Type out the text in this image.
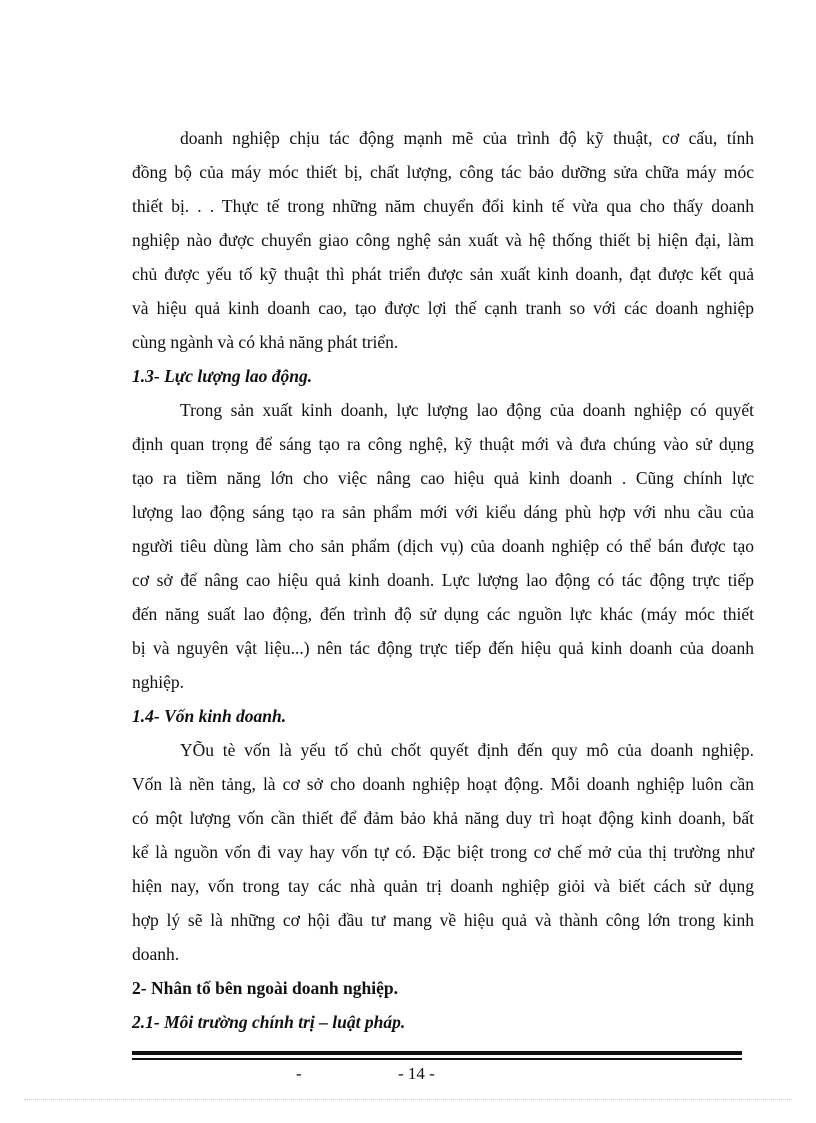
doanh nghiệp chịu tác động mạnh mẽ của trình độ kỹ thuật, cơ cấu, tính
đồng bộ của máy móc thiết bị, chất lượng, công tác bảo dưỡng sửa chữa máy móc
thiết bị. . . Thực tế trong những năm chuyển đổi kinh tế vừa qua cho thấy doanh
nghiệp nào được chuyển giao công nghệ sản xuất và hệ thống thiết bị hiện đại, làm
chủ được yếu tố kỹ thuật thì phát triển được sản xuất kinh doanh, đạt được kết quả
và hiệu quả kinh doanh cao, tạo được lợi thế cạnh tranh so với các doanh nghiệp
cùng ngành và có khả năng phát triển.
1.3- Lực lượng lao động.
Trong sản xuất kinh doanh, lực lượng lao động của doanh nghiệp có quyết
định quan trọng để sáng tạo ra công nghệ, kỹ thuật mới và đưa chúng vào sử dụng
tạo ra tiềm năng lớn cho việc nâng cao hiệu quả kinh doanh . Cũng chính lực
lượng lao động sáng tạo ra sản phẩm mới với kiểu dáng phù hợp với nhu cầu của
người tiêu dùng làm cho sản phẩm (dịch vụ) của doanh nghiệp có thể bán được tạo
cơ sở để nâng cao hiệu quả kinh doanh. Lực lượng lao động có tác động trực tiếp
đến năng suất lao động, đến trình độ sử dụng các nguồn lực khác (máy móc thiết
bị và nguyên vật liệu...) nên tác động trực tiếp đến hiệu quả kinh doanh của doanh
nghiệp.
1.4- Vốn kinh doanh.
YÕu tè vốn là yếu tố chủ chốt quyết định đến quy mô của doanh nghiệp.
Vốn là nền tảng, là cơ sở cho doanh nghiệp hoạt động. Mỗi doanh nghiệp luôn cần
có một lượng vốn cần thiết để đảm bảo khả năng duy trì hoạt động kinh doanh, bất
kể là nguồn vốn đi vay hay vốn tự có. Đặc biệt trong cơ chế mở của thị trường như
hiện nay, vốn trong tay các nhà quản trị doanh nghiệp giỏi và biết cách sử dụng
hợp lý sẽ là những cơ hội đầu tư mang về hiệu quả và thành công lớn trong kinh
doanh.
2- Nhân tố bên ngoài doanh nghiệp.
2.1- Môi trường chính trị – luật pháp.
-	- 14 -
